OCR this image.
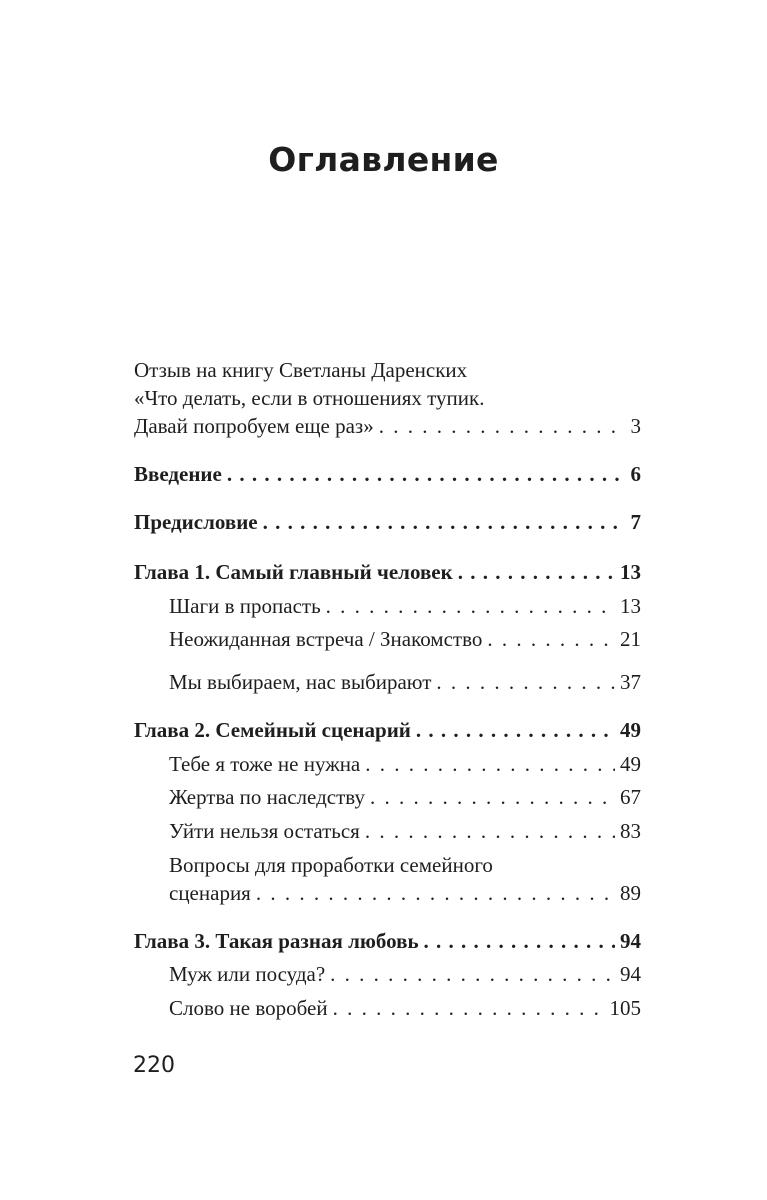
Оглавление
Отзыв на книгу Светланы Даренских
«Что делать, если в отношениях тупик.
Давай попробуем еще раз» . . .	3
Введение . . .	6
Предисловие . . .	7
Глава 1. Самый главный человек . . .	13
Шаги в пропасть . . .	13
Неожиданная встреча / Знакомство . . .	21
Мы выбираем, нас выбирают . . .	37
Глава 2. Семейный сценарий . . .	49
Тебе я тоже не нужна . . .	49
Жертва по наследству . . .	67
Уйти нельзя остаться . . .	83
Вопросы для проработки семейного
сценария . . .	89
Глава 3. Такая разная любовь . . .	94
Муж или посуда? . . .	94
Слово не воробей . . .	105

220
